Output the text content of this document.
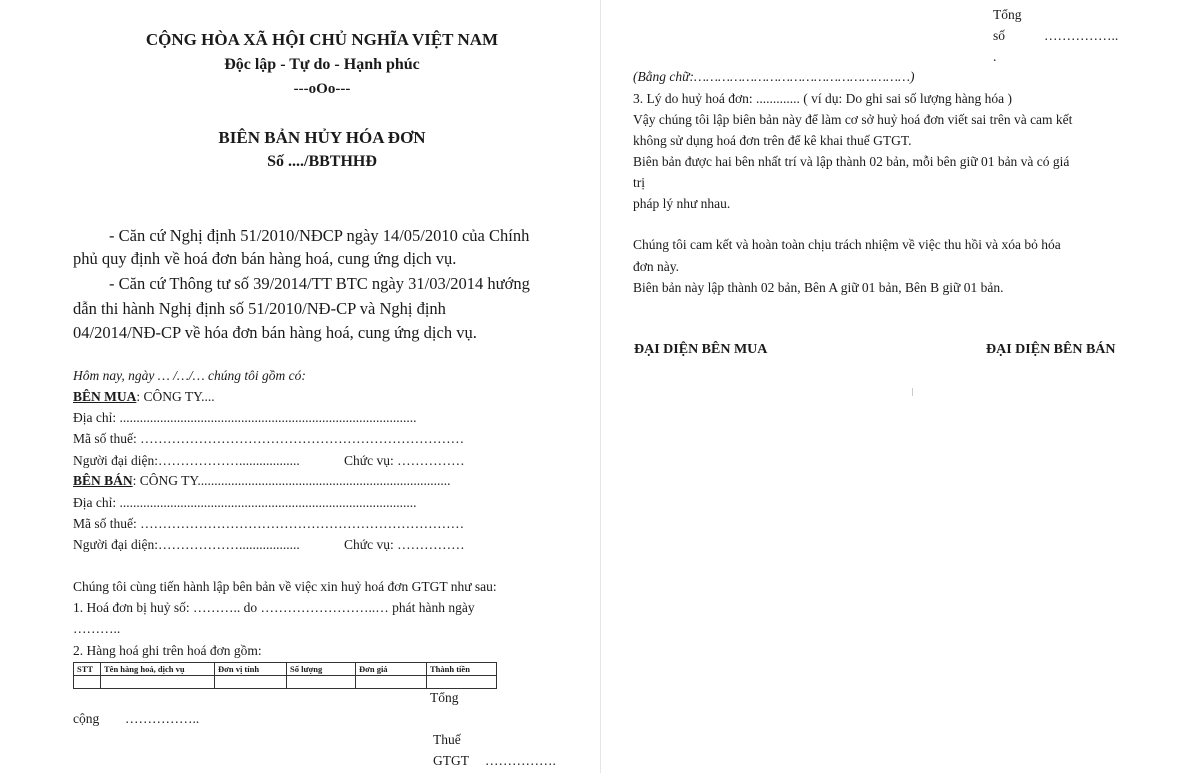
CỘNG HÒA XÃ HỘI CHỦ NGHĨA VIỆT NAM
Độc lập - Tự do - Hạnh phúc
---oOo---
BIÊN BẢN HỦY HÓA ĐƠN
Số ..../BBTHHĐ
- Căn cứ Nghị định 51/2010/NĐCP ngày 14/05/2010 của Chính
phủ quy định về hoá đơn bán hàng hoá, cung ứng dịch vụ.
- Căn cứ Thông tư số 39/2014/TT BTC ngày 31/03/2014 hướng
dẫn thi hành Nghị định số 51/2010/NĐ-CP và Nghị định
04/2014/NĐ-CP về hóa đơn bán hàng hoá, cung ứng dịch vụ.
Hôm nay, ngày … /…/… chúng tôi gồm có:
BÊN MUA: CÔNG TY....
Địa chỉ: ........................................................................................
Mã số thuế: ………………………………………………………………
Người đại diện:………………..................	Chức vụ: ……………
BÊN BÁN: CÔNG TY...........................................................................
Địa chỉ: ........................................................................................
Mã số thuế: ………………………………………………………………
Người đại diện:………………..................	Chức vụ: ……………
Chúng tôi cùng tiến hành lập bên bản về việc xin huỷ hoá đơn GTGT như sau:
1. Hoá đơn bị huỷ số: ……….. do ……………………..… phát hành ngày
………..
2. Hàng hoá ghi trên hoá đơn gồm:
STT	Tên hàng hoá, dịch vụ	Đơn vị tính	Số lượng	Đơn giá	Thành tiền

Tổng
cộng ……………..
Thuế
GTGT …………….
Tổng
số	……………..
.
(Bằng chữ:………………………………………………)
3. Lý do huỷ hoá đơn: ............. ( ví dụ: Do ghi sai số lượng hàng hóa )
Vậy chúng tôi lập biên bản này để làm cơ sở huỷ hoá đơn viết sai trên và cam kết
không sử dụng hoá đơn trên để kê khai thuế GTGT.
Biên bản được hai bên nhất trí và lập thành 02 bản, mỗi bên giữ 01 bản và có giá
trị
pháp lý như nhau.
Chúng tôi cam kết và hoàn toàn chịu trách nhiệm về việc thu hồi và xóa bỏ hóa
đơn này.
Biên bản này lập thành 02 bản, Bên A giữ 01 bản, Bên B giữ 01 bản.
ĐẠI DIỆN BÊN MUA	ĐẠI DIỆN BÊN BÁN
